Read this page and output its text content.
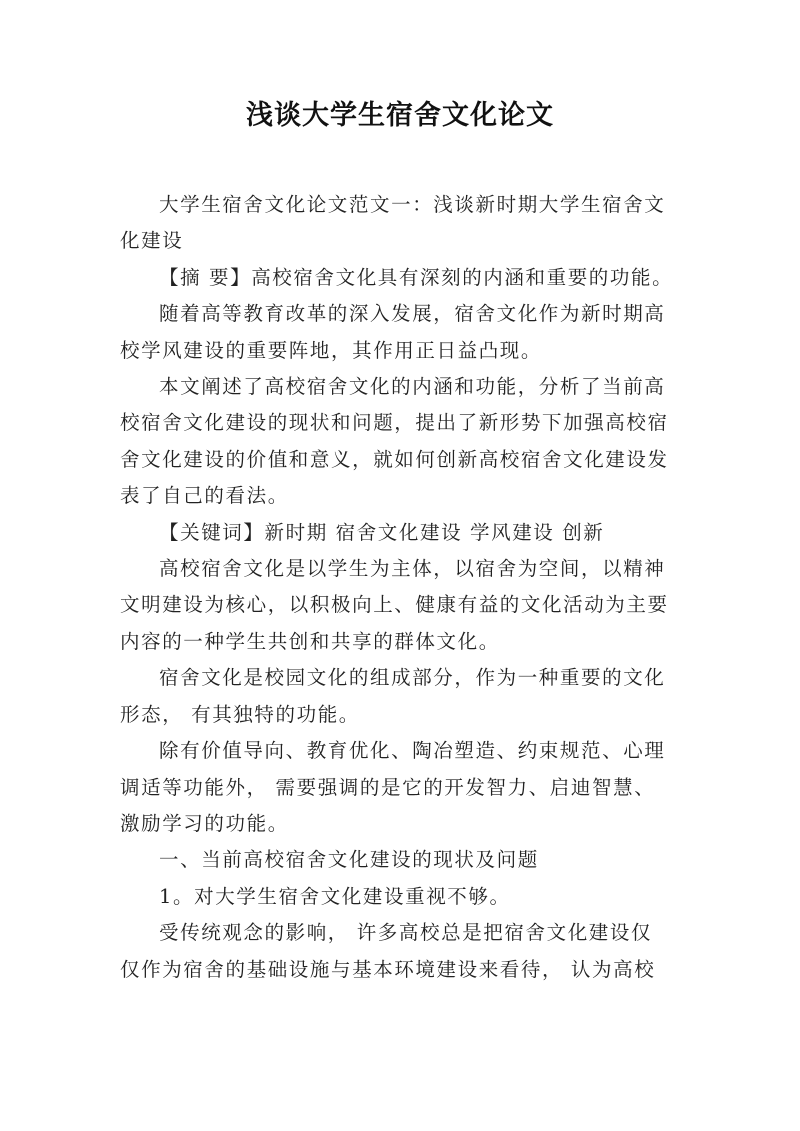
浅谈大学生宿舍文化论文

大学生宿舍文化论文范文一：浅谈新时期大学生宿舍文
化建设

【摘 要】高校宿舍文化具有深刻的内涵和重要的功能。

随着高等教育改革的深入发展，宿舍文化作为新时期高
校学风建设的重要阵地，其作用正日益凸现。

本文阐述了高校宿舍文化的内涵和功能，分析了当前高
校宿舍文化建设的现状和问题，提出了新形势下加强高校宿
舍文化建设的价值和意义，就如何创新高校宿舍文化建设发
表了自己的看法。

【关键词】新时期 宿舍文化建设 学风建设 创新

高校宿舍文化是以学生为主体，以宿舍为空间，以精神
文明建设为核心，以积极向上、健康有益的文化活动为主要
内容的一种学生共创和共享的群体文化。

宿舍文化是校园文化的组成部分，作为一种重要的文化
形态， 有其独特的功能。

除有价值导向、教育优化、陶冶塑造、约束规范、心理
调适等功能外， 需要强调的是它的开发智力、启迪智慧、
激励学习的功能。

一、当前高校宿舍文化建设的现状及问题

1。对大学生宿舍文化建设重视不够。

受传统观念的影响， 许多高校总是把宿舍文化建设仅
仅作为宿舍的基础设施与基本环境建设来看待， 认为高校
